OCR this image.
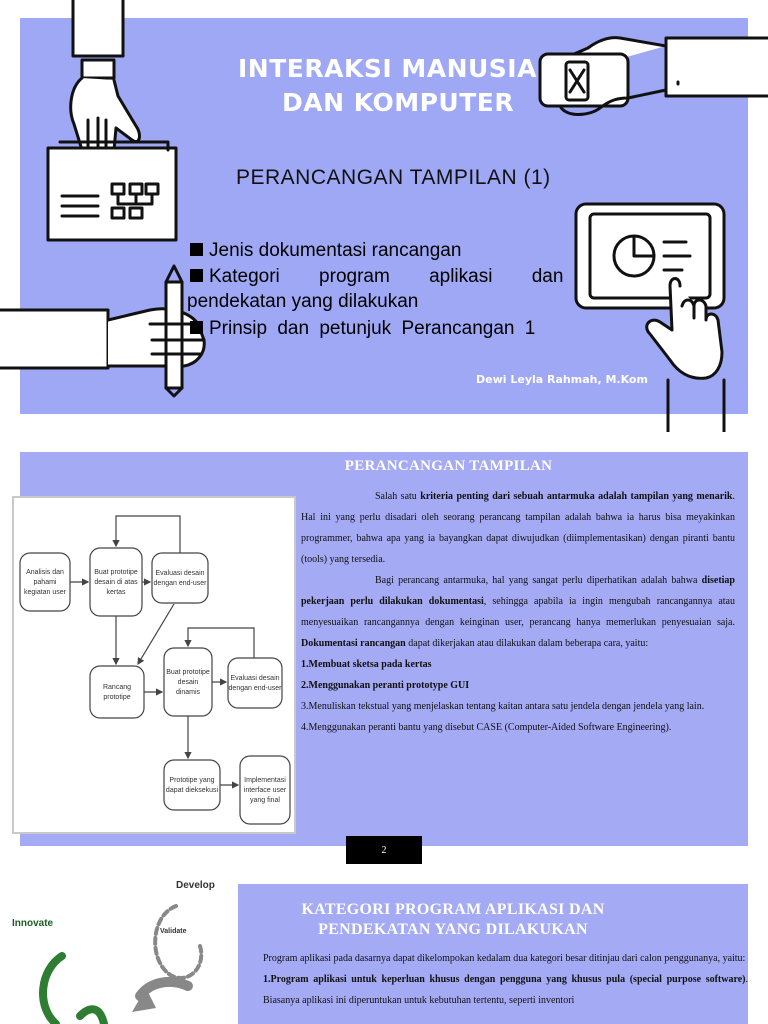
INTERAKSI MANUSIA
DAN KOMPUTER
PERANCANGAN TAMPILAN (1)
Jenis dokumentasi rancangan
Kategori program aplikasi dan
pendekatan yang dilakukan
Prinsip dan petunjuk Perancangan 1
Dewi Leyla Rahmah, M.Kom
PERANCANGAN TAMPILAN
Analisis dan
pahami
kegiatan user
Buat prototipe
desain di atas
kertas
Evaluasi desain
dengan end-user
Rancang
prototipe
Buat prototipe
desain
dinamis
Evaluasi desain
dengan end-user
Prototipe yang
dapat dieksekusi
Implementasi
interface user
yang final

Salah satu kriteria penting dari sebuah antarmuka adalah tampilan yang menarik. Hal ini yang perlu disadari oleh seorang perancang tampilan adalah bahwa ia harus bisa meyakinkan programmer, bahwa apa yang ia bayangkan dapat diwujudkan (diimplementasikan) dengan piranti bantu (tools) yang tersedia.

Bagi perancang antarmuka, hal yang sangat perlu diperhatikan adalah bahwa disetiap pekerjaan perlu dilakukan dokumentasi, sehingga apabila ia ingin mengubah rancangannya atau menyesuaikan rancangannya dengan keinginan user, perancang hanya memerlukan penyesuaian saja. Dokumentasi rancangan dapat dikerjakan atau dilakukan dalam beberapa cara, yaitu:

1.Membuat sketsa pada kertas

2.Menggunakan peranti prototype GUI

3.Menuliskan tekstual yang menjelaskan tentang kaitan antara satu jendela dengan jendela yang lain.

4.Menggunakan peranti bantu yang disebut CASE (Computer-Aided Software Engineering).

2
Innovate
Develop
Validate
KATEGORI PROGRAM APLIKASI DAN
PENDEKATAN YANG DILAKUKAN

Program aplikasi pada dasarnya dapat dikelompokan kedalam dua kategori besar ditinjau dari calon penggunanya, yaitu:

1.Program aplikasi untuk keperluan khusus dengan pengguna yang khusus pula (special purpose software). Biasanya aplikasi ini diperuntukan untuk kebutuhan tertentu, seperti inventori
